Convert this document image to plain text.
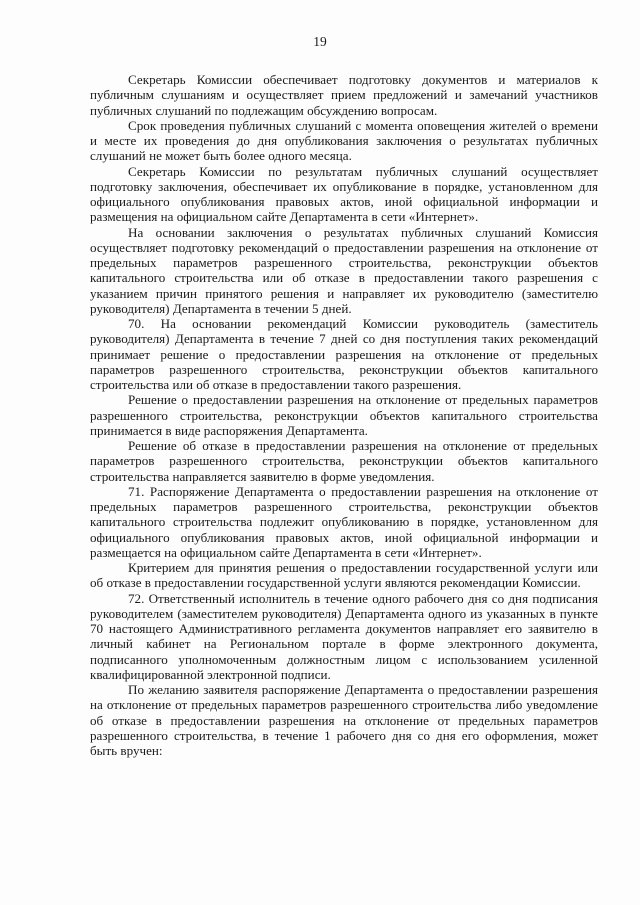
19

Секретарь Комиссии обеспечивает подготовку документов и материалов к публичным слушаниям и осуществляет прием предложений и замечаний участников публичных слушаний по подлежащим обсуждению вопросам.

Срок проведения публичных слушаний с момента оповещения жителей о времени и месте их проведения до дня опубликования заключения о результатах публичных слушаний не может быть более одного месяца.

Секретарь Комиссии по результатам публичных слушаний осуществляет подготовку заключения, обеспечивает их опубликование в порядке, установленном для официального опубликования правовых актов, иной официальной информации и размещения на официальном сайте Департамента в сети «Интернет».

На основании заключения о результатах публичных слушаний Комиссия осуществляет подготовку рекомендаций о предоставлении разрешения на отклонение от предельных параметров разрешенного строительства, реконструкции объектов капитального строительства или об отказе в предоставлении такого разрешения с указанием причин принятого решения и направляет их руководителю (заместителю руководителя) Департамента в течении 5 дней.

70. На основании рекомендаций Комиссии руководитель (заместитель руководителя) Департамента в течение 7 дней со дня поступления таких рекомендаций принимает решение о предоставлении разрешения на отклонение от предельных параметров разрешенного строительства, реконструкции объектов капитального строительства или об отказе в предоставлении такого разрешения.

Решение о предоставлении разрешения на отклонение от предельных параметров разрешенного строительства, реконструкции объектов капитального строительства принимается в виде распоряжения Департамента.

Решение об отказе в предоставлении разрешения на отклонение от предельных параметров разрешенного строительства, реконструкции объектов капитального строительства направляется заявителю в форме уведомления.

71. Распоряжение Департамента о предоставлении разрешения на отклонение от предельных параметров разрешенного строительства, реконструкции объектов капитального строительства подлежит опубликованию в порядке, установленном для официального опубликования правовых актов, иной официальной информации и размещается на официальном сайте Департамента в сети «Интернет».

Критерием для принятия решения о предоставлении государственной услуги или об отказе в предоставлении государственной услуги являются рекомендации Комиссии.

72. Ответственный исполнитель в течение одного рабочего дня со дня подписания руководителем (заместителем руководителя) Департамента одного из указанных в пункте 70 настоящего Административного регламента документов направляет его заявителю в личный кабинет на Региональном портале в форме электронного документа, подписанного уполномоченным должностным лицом с использованием усиленной квалифицированной электронной подписи.

По желанию заявителя распоряжение Департамента о предоставлении разрешения на отклонение от предельных параметров разрешенного строительства либо уведомление об отказе в предоставлении разрешения на отклонение от предельных параметров разрешенного строительства, в течение 1 рабочего дня со дня его оформления, может быть вручен:
